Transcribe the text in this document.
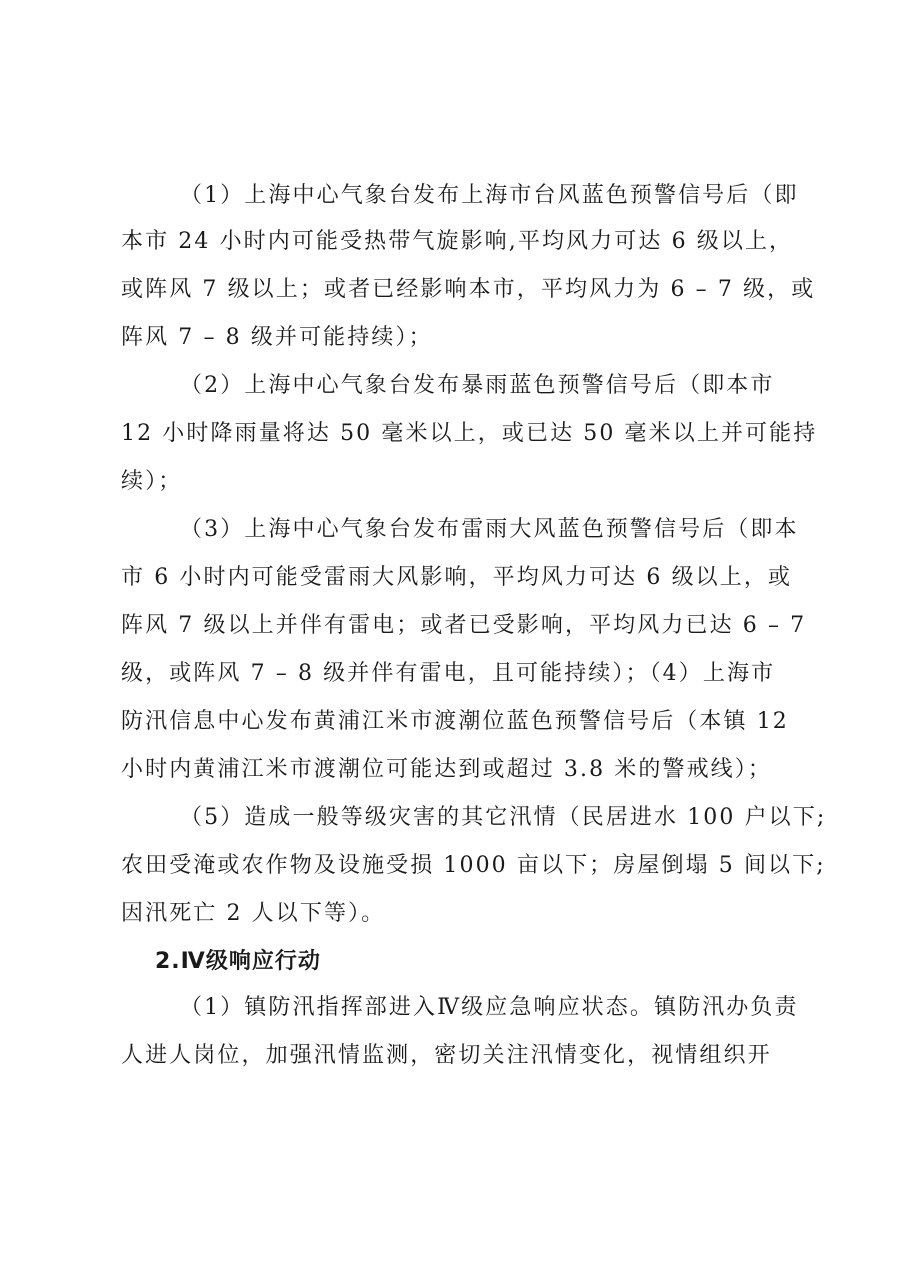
（1）上海中心气象台发布上海市台风蓝色预警信号后（即

本市 24 小时内可能受热带气旋影响,平均风力可达 6 级以上，

或阵风 7 级以上；或者已经影响本市，平均风力为 6 – 7 级，或

阵风 7 – 8 级并可能持续）；

（2）上海中心气象台发布暴雨蓝色预警信号后（即本市

12 小时降雨量将达 50 毫米以上，或已达 50 毫米以上并可能持

续）；

（3）上海中心气象台发布雷雨大风蓝色预警信号后（即本

市 6 小时内可能受雷雨大风影响，平均风力可达 6 级以上，或

阵风 7 级以上并伴有雷电；或者已受影响，平均风力已达 6 – 7

级，或阵风 7 – 8 级并伴有雷电，且可能持续）；（4）上海市

防汛信息中心发布黄浦江米市渡潮位蓝色预警信号后（本镇 12

小时内黄浦江米市渡潮位可能达到或超过 3.8 米的警戒线）；

（5）造成一般等级灾害的其它汛情（民居进水 100 户以下;

农田受淹或农作物及设施受损 1000 亩以下；房屋倒塌 5 间以下;

因汛死亡 2 人以下等）。

2.Ⅳ级响应行动

（1）镇防汛指挥部进入Ⅳ级应急响应状态。镇防汛办负责

人进人岗位，加强汛情监测，密切关注汛情变化，视情组织开
